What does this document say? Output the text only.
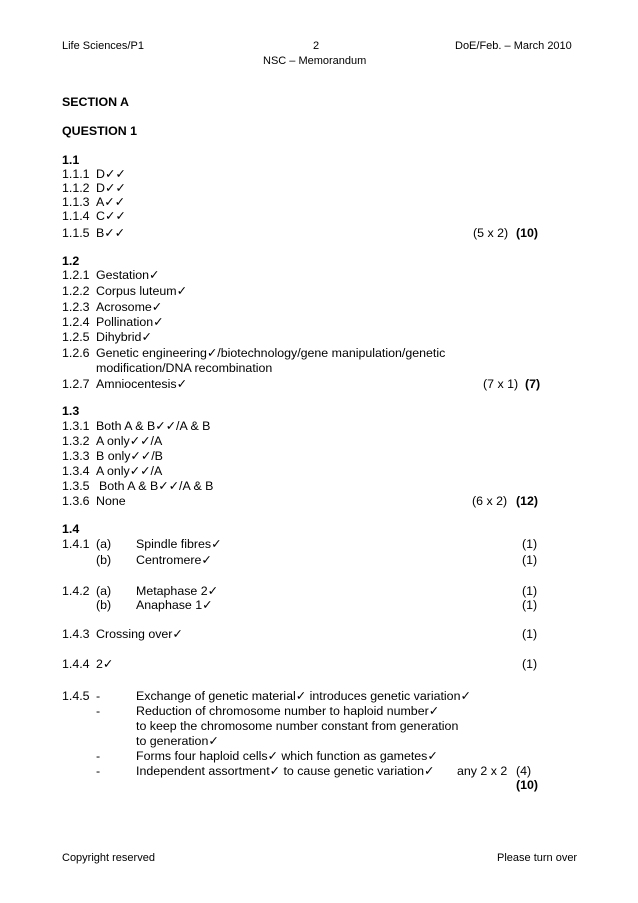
Life Sciences/P1	2
NSC – Memorandum
DoE/Feb. – March 2010
SECTION A
QUESTION 1
1.1
1.1.1 D✓✓
1.1.2 D✓✓
1.1.3 A✓✓
1.1.4 C✓✓
1.1.5 B✓✓	(5 x 2) (10)
1.2
1.2.1 Gestation✓
1.2.2 Corpus luteum✓
1.2.3 Acrosome✓
1.2.4 Pollination✓
1.2.5 Dihybrid✓
1.2.6 Genetic engineering✓/biotechnology/gene manipulation/genetic
modification/DNA recombination
1.2.7 Amniocentesis✓	(7 x 1) (7)
1.3
1.3.1 Both A & B✓✓/A & B
1.3.2 A only✓✓/A
1.3.3 B only✓✓/B
1.3.4 A only✓✓/A
1.3.5 Both A & B✓✓/A & B
1.3.6 None	(6 x 2) (12)
1.4
1.4.1 (a) Spindle fibres✓	(1)
(b) Centromere✓	(1)
1.4.2 (a) Metaphase 2✓	(1)
(b) Anaphase 1✓	(1)
1.4.3 Crossing over✓	(1)
1.4.4 2✓	(1)
1.4.5 -	Exchange of genetic material✓ introduces genetic variation✓
-	Reduction of chromosome number to haploid number✓
to keep the chromosome number constant from generation
to generation✓
-	Forms four haploid cells✓ which function as gametes✓
-	Independent assortment✓ to cause genetic variation✓ any 2 x 2 (4)
(10)
Copyright reserved	Please turn over
